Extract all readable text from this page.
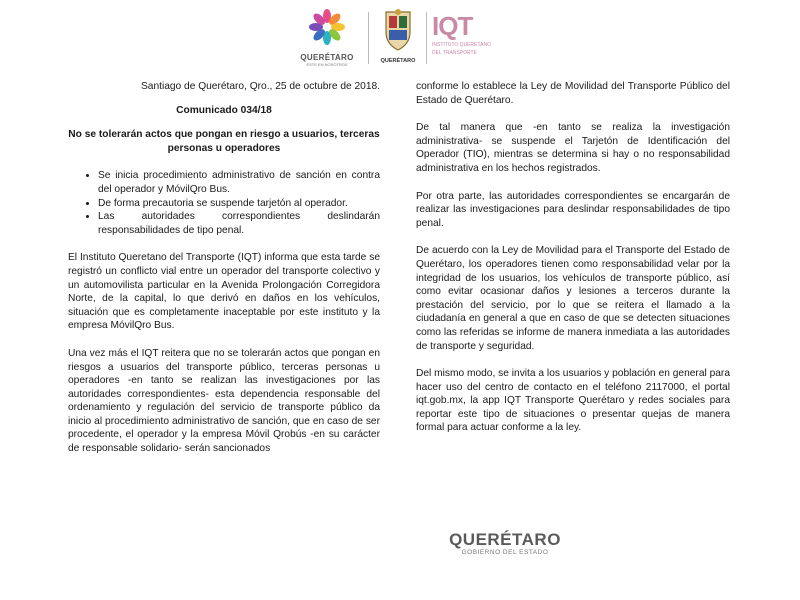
QUERÉTARO
ESTE EN NOSOTROS
QUERÉTARO
IQT
INSTITUTO QUERETANO
DEL TRANSPORTE

Santiago de Querétaro, Qro., 25 de octubre de 2018.

Comunicado 034/18

No se tolerarán actos que pongan en riesgo a usuarios, terceras personas u operadores

• Se inicia procedimiento administrativo de sanción en contra del operador y MóvilQro Bus.
• De forma precautoria se suspende tarjetón al operador.
• Las autoridades correspondientes deslindarán responsabilidades de tipo penal.

El Instituto Queretano del Transporte (IQT) informa que esta tarde se registró un conflicto vial entre un operador del transporte colectivo y un automovilista particular en la Avenida Prolongación Corregidora Norte, de la capital, lo que derivó en daños en los vehículos, situación que es completamente inaceptable por este instituto y la empresa MóvilQro Bus.

Una vez más el IQT reitera que no se tolerarán actos que pongan en riesgos a usuarios del transporte público, terceras personas u operadores -en tanto se realizan las investigaciones por las autoridades correspondientes- esta dependencia responsable del ordenamiento y regulación del servicio de transporte público da inicio al procedimiento administrativo de sanción, que en caso de ser procedente, el operador y la empresa Móvil Qrobús -en su carácter de responsable solidario- serán sancionados

conforme lo establece la Ley de Movilidad del Transporte Público del Estado de Querétaro.

De tal manera que -en tanto se realiza la investigación administrativa- se suspende el Tarjetón de Identificación del Operador (TIO), mientras se determina si hay o no responsabilidad administrativa en los hechos registrados.

Por otra parte, las autoridades correspondientes se encargarán de realizar las investigaciones para deslindar responsabilidades de tipo penal.

De acuerdo con la Ley de Movilidad para el Transporte del Estado de Querétaro, los operadores tienen como responsabilidad velar por la integridad de los usuarios, los vehículos de transporte público, así como evitar ocasionar daños y lesiones a terceros durante la prestación del servicio, por lo que se reitera el llamado a la ciudadanía en general a que en caso de que se detecten situaciones como las referidas se informe de manera inmediata a las autoridades de transporte y seguridad.

Del mismo modo, se invita a los usuarios y población en general para hacer uso del centro de contacto en el teléfono 2117000, el portal iqt.gob.mx, la app IQT Transporte Querétaro y redes sociales para reportar este tipo de situaciones o presentar quejas de manera formal para actuar conforme a la ley.

QUERÉTARO
GOBIERNO DEL ESTADO
